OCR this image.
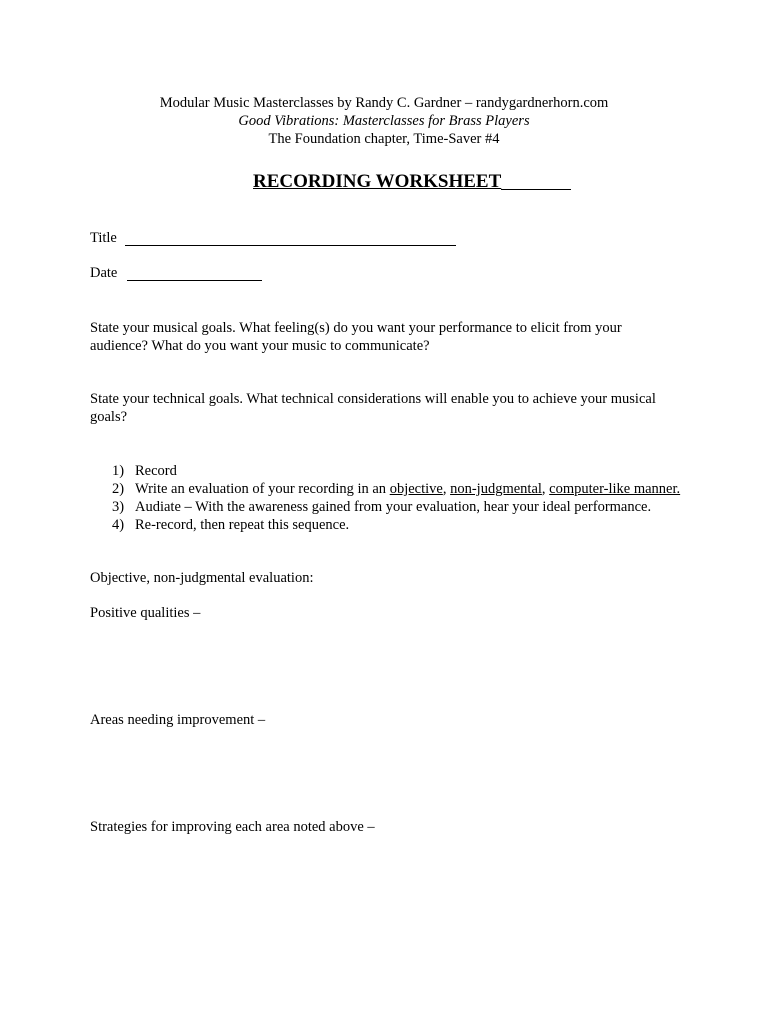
Modular Music Masterclasses by Randy C. Gardner – randygardnerhorn.com
Good Vibrations: Masterclasses for Brass Players
The Foundation chapter, Time-Saver #4
RECORDING WORKSHEET
Title
Date
State your musical goals. What feeling(s) do you want your performance to elicit from your audience? What do you want your music to communicate?
State your technical goals. What technical considerations will enable you to achieve your musical goals?
1) Record
2) Write an evaluation of your recording in an objective, non-judgmental, computer-like manner.
3) Audiate – With the awareness gained from your evaluation, hear your ideal performance.
4) Re-record, then repeat this sequence.
Objective, non-judgmental evaluation:
Positive qualities –
Areas needing improvement –
Strategies for improving each area noted above –
